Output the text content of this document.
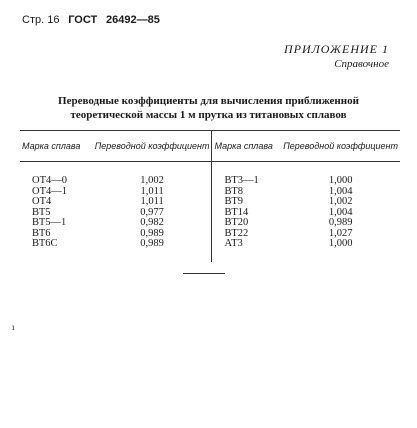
Стр. 16 ГОСТ 26492—85
ПРИЛОЖЕНИЕ 1
Справочное
Переводные коэффициенты для вычисления приближенной
теоретической массы 1 м прутка из титановых сплавов
Марка сплава	Переводной коэффициент	Марка сплава	Переводной коэффициент

ОТ4—0	1,002	ВТ3—1	1,000
ОТ4—1	1,011	ВТ8	1,004
ОТ4	1,011	ВТ9	1,002
ВТ5	0,977	ВТ14	1,004
ВТ5—1	0,982	ВТ20	0,989
ВТ6	0,989	ВТ22	1,027
ВТ6С	0,989	АТ3	1,000
ı
